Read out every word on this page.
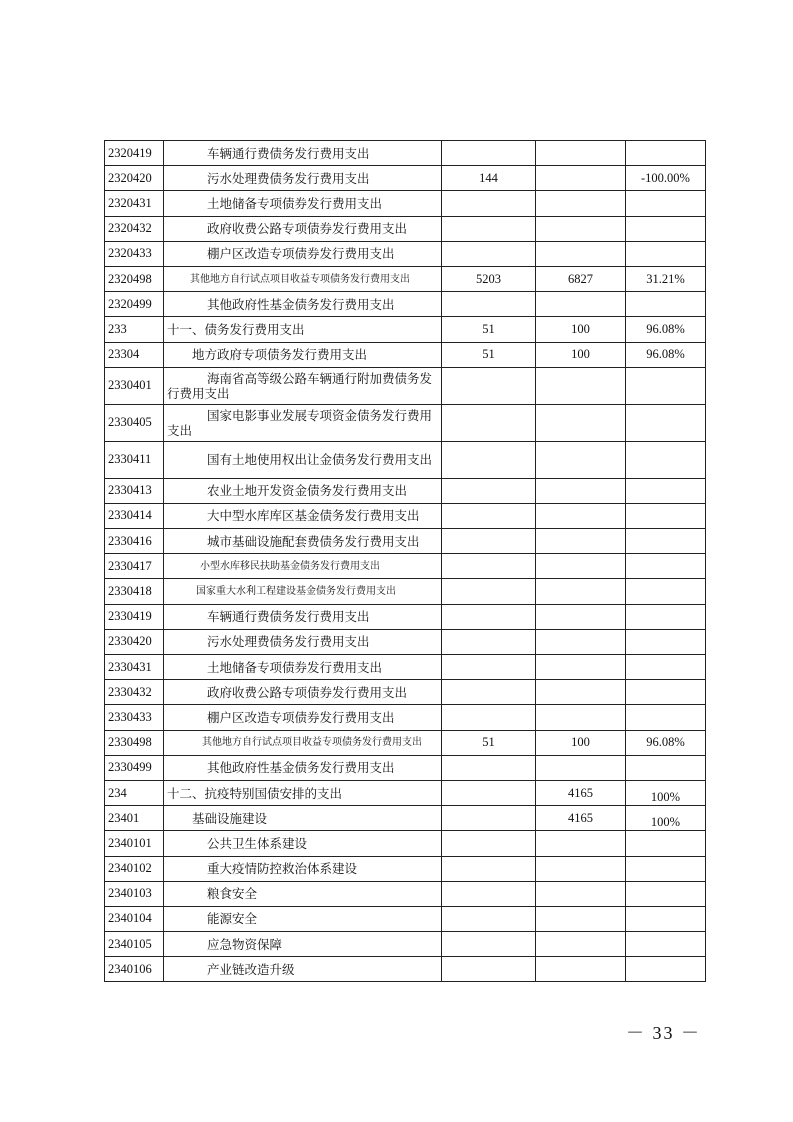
2320419	车辆通行费债务发行费用支出			
2320420	污水处理费债务发行费用支出	144		-100.00%
2320431	土地储备专项债券发行费用支出			
2320432	政府收费公路专项债券发行费用支出			
2320433	棚户区改造专项债券发行费用支出			
2320498	其他地方自行试点项目收益专项债务发行费用支出	5203	6827	31.21%
2320499	其他政府性基金债务发行费用支出			
233	十一、债务发行费用支出	51	100	96.08%
23304	地方政府专项债务发行费用支出	51	100	96.08%
2330401	海南省高等级公路车辆通行附加费债务发行费用支出			
2330405	国家电影事业发展专项资金债务发行费用支出			
2330411	国有土地使用权出让金债务发行费用支出			
2330413	农业土地开发资金债务发行费用支出			
2330414	大中型水库库区基金债务发行费用支出			
2330416	城市基础设施配套费债务发行费用支出			
2330417	小型水库移民扶助基金债务发行费用支出			
2330418	国家重大水利工程建设基金债务发行费用支出			
2330419	车辆通行费债务发行费用支出			
2330420	污水处理费债务发行费用支出			
2330431	土地储备专项债券发行费用支出			
2330432	政府收费公路专项债券发行费用支出			
2330433	棚户区改造专项债券发行费用支出			
2330498	其他地方自行试点项目收益专项债务发行费用支出	51	100	96.08%
2330499	其他政府性基金债务发行费用支出			
234	十二、抗疫特别国债安排的支出		4165	100%
23401	基础设施建设		4165	100%
2340101	公共卫生体系建设			
2340102	重大疫情防控救治体系建设			
2340103	粮食安全			
2340104	能源安全			
2340105	应急物资保障			
2340106	产业链改造升级			
－ 33 －
